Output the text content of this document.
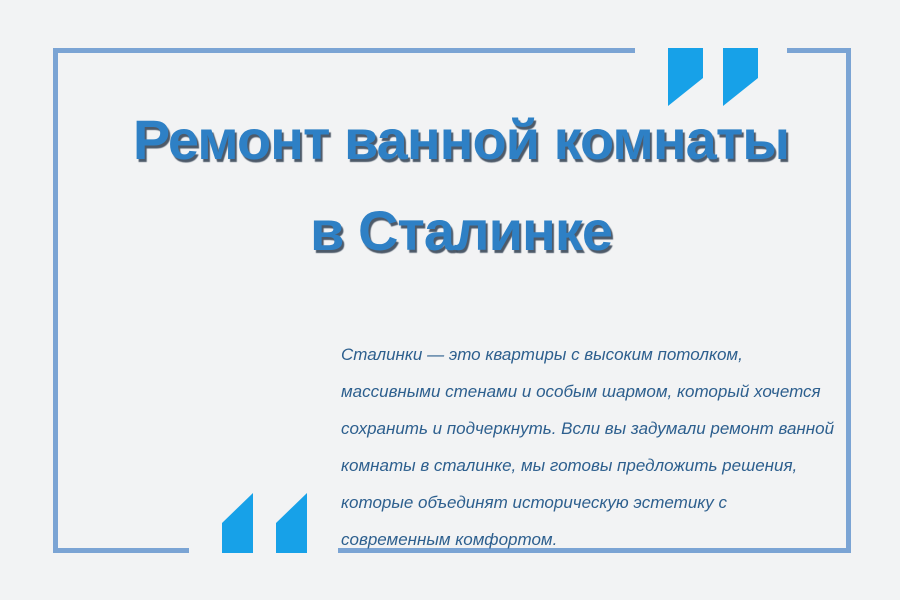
Ремонт ванной комнаты
в Сталинке

Сталинки — это квартиры с высоким потолком, массивными стенами и особым шармом, который хочется сохранить и подчеркнуть. Всли вы задумали ремонт ванной комнаты в сталинке, мы готовы предложить решения, которые объединят историческую эстетику с современным комфортом.
